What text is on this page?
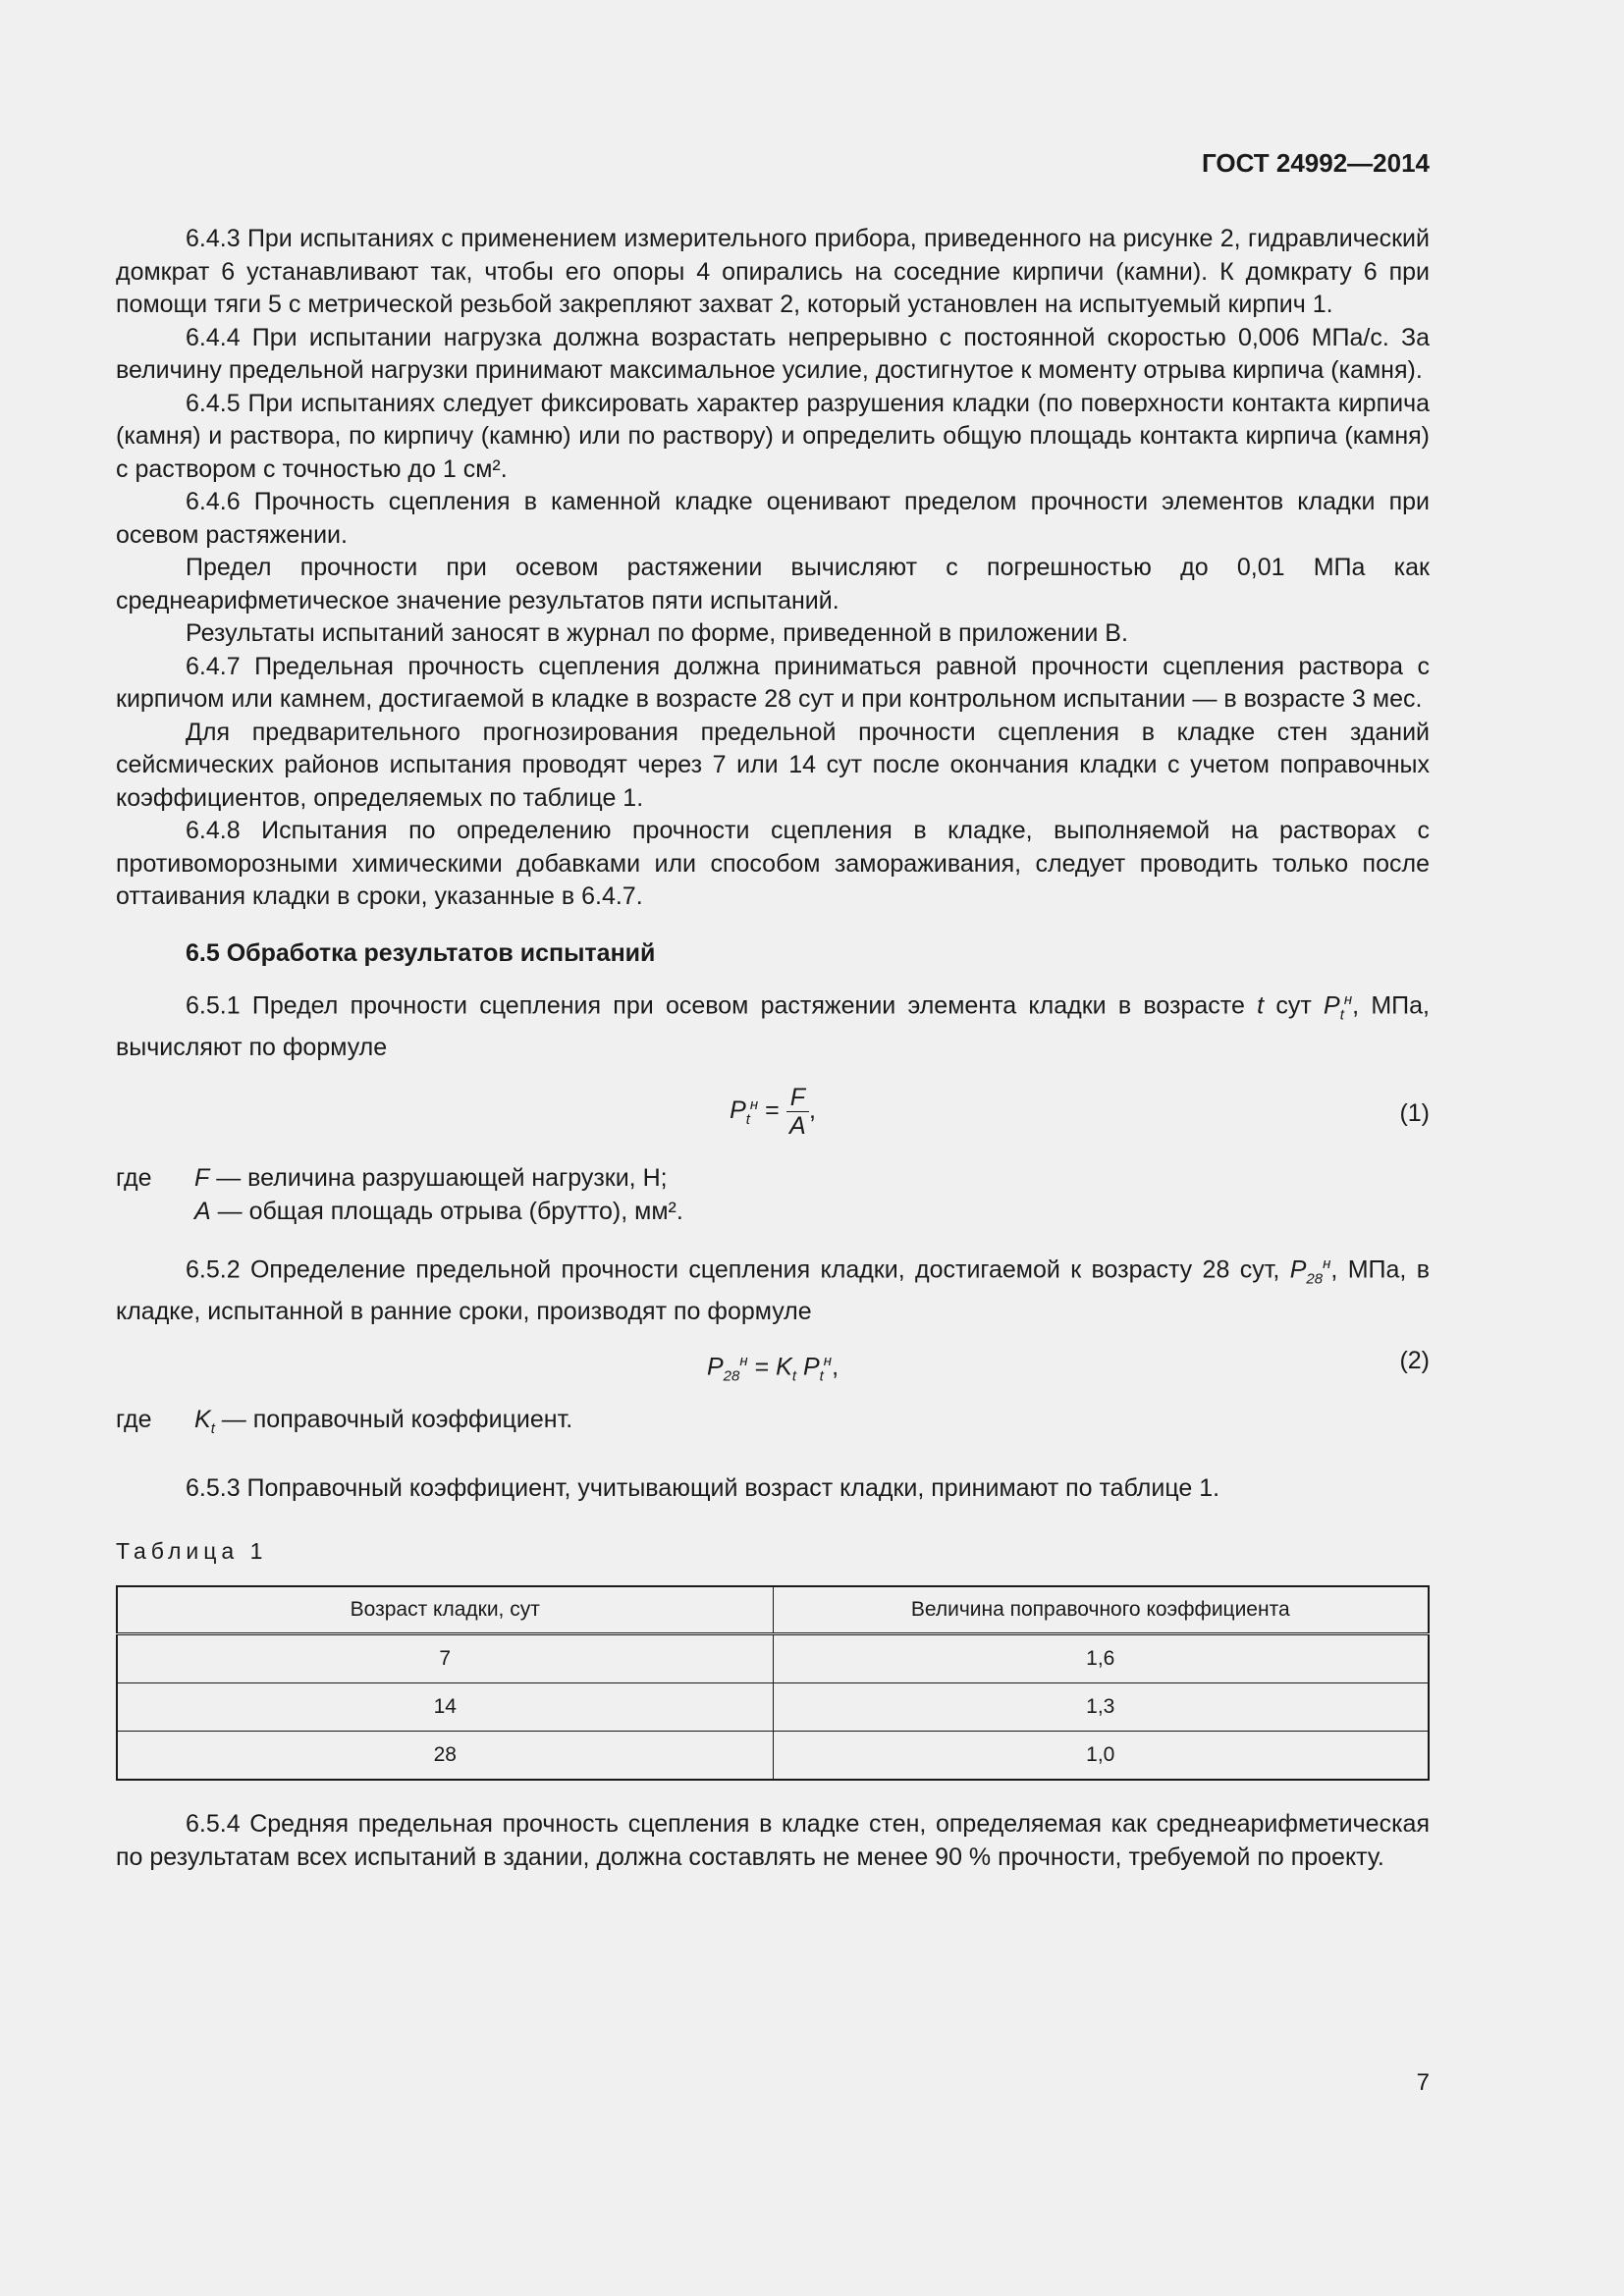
ГОСТ 24992—2014

6.4.3 При испытаниях с применением измерительного прибора, приведенного на рисунке 2, гидравлический домкрат 6 устанавливают так, чтобы его опоры 4 опирались на соседние кирпичи (камни). К домкрату 6 при помощи тяги 5 с метрической резьбой закрепляют захват 2, который установлен на испытуемый кирпич 1.

6.4.4 При испытании нагрузка должна возрастать непрерывно с постоянной скоростью 0,006 МПа/с. За величину предельной нагрузки принимают максимальное усилие, достигнутое к моменту отрыва кирпича (камня).

6.4.5 При испытаниях следует фиксировать характер разрушения кладки (по поверхности контакта кирпича (камня) и раствора, по кирпичу (камню) или по раствору) и определить общую площадь контакта кирпича (камня) с раствором с точностью до 1 см².

6.4.6 Прочность сцепления в каменной кладке оценивают пределом прочности элементов кладки при осевом растяжении.

Предел прочности при осевом растяжении вычисляют с погрешностью до 0,01 МПа как среднеарифметическое значение результатов пяти испытаний.

Результаты испытаний заносят в журнал по форме, приведенной в приложении В.

6.4.7 Предельная прочность сцепления должна приниматься равной прочности сцепления раствора с кирпичом или камнем, достигаемой в кладке в возрасте 28 сут и при контрольном испытании — в возрасте 3 мес.

Для предварительного прогнозирования предельной прочности сцепления в кладке стен зданий сейсмических районов испытания проводят через 7 или 14 сут после окончания кладки с учетом поправочных коэффициентов, определяемых по таблице 1.

6.4.8 Испытания по определению прочности сцепления в кладке, выполняемой на растворах с противоморозными химическими добавками или способом замораживания, следует проводить только после оттаивания кладки в сроки, указанные в 6.4.7.

6.5 Обработка результатов испытаний

6.5.1 Предел прочности сцепления при осевом растяжении элемента кладки в возрасте t сут $P_t^н$, МПа, вычисляют по формуле

$P_t^н = \frac{F}{A}$ ,	(1)
где	F — величина разрушающей нагрузки, Н;
A — общая площадь отрыва (брутто), мм².

6.5.2 Определение предельной прочности сцепления кладки, достигаемой к возрасту 28 сут, $P_{28}^н$, МПа, в кладке, испытанной в ранние сроки, производят по формуле

$P_{28}^н = K_t$ $P_t^н$,	(2)
где	$K_t$ — поправочный коэффициент.

6.5.3 Поправочный коэффициент, учитывающий возраст кладки, принимают по таблице 1.

Таблица 1
Возраст кладки, сут	Величина поправочного коэффициента
7	1,6
14	1,3
28	1,0

6.5.4 Средняя предельная прочность сцепления в кладке стен, определяемая как среднеарифметическая по результатам всех испытаний в здании, должна составлять не менее 90 % прочности, требуемой по проекту.

7
